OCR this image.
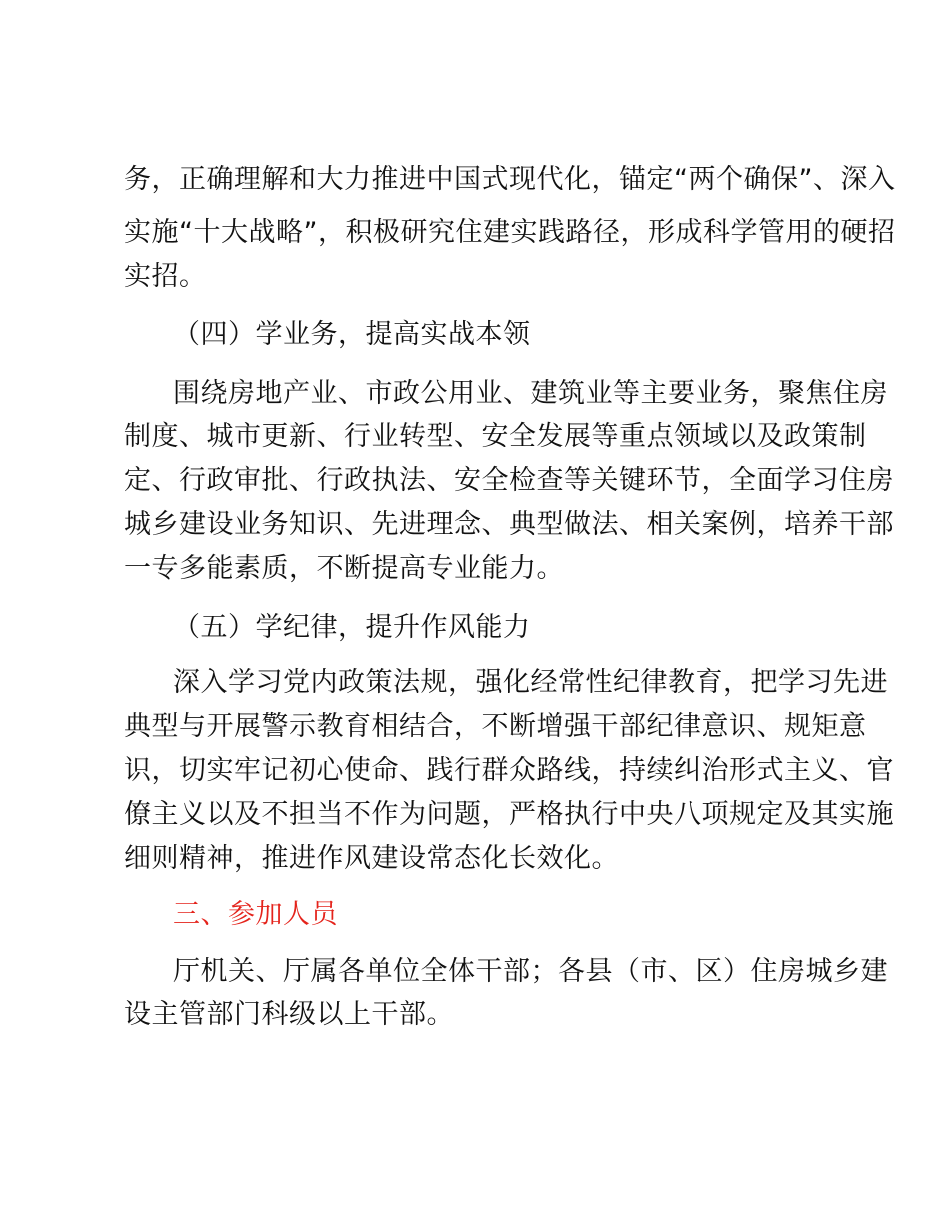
务，正确理解和大力推进中国式现代化，锚定“两个确保”、深入
实施“十大战略”，积极研究住建实践路径，形成科学管用的硬招
实招。
（四）学业务，提高实战本领
围绕房地产业、市政公用业、建筑业等主要业务，聚焦住房
制度、城市更新、行业转型、安全发展等重点领域以及政策制
定、行政审批、行政执法、安全检查等关键环节，全面学习住房
城乡建设业务知识、先进理念、典型做法、相关案例，培养干部
一专多能素质，不断提高专业能力。
（五）学纪律，提升作风能力
深入学习党内政策法规，强化经常性纪律教育，把学习先进
典型与开展警示教育相结合，不断增强干部纪律意识、规矩意
识，切实牢记初心使命、践行群众路线，持续纠治形式主义、官
僚主义以及不担当不作为问题，严格执行中央八项规定及其实施
细则精神，推进作风建设常态化长效化。
三、参加人员
厅机关、厅属各单位全体干部；各县（市、区）住房城乡建
设主管部门科级以上干部。
